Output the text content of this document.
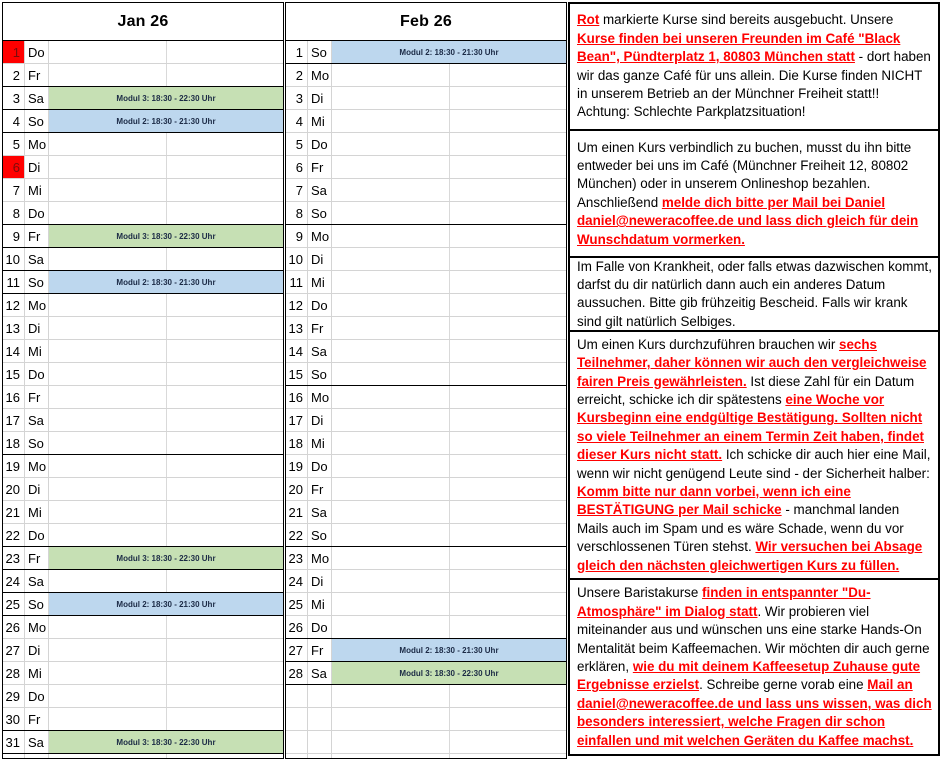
Jan 26
1 Do
2 Fr
3 Sa	Modul 3: 18:30 - 22:30 Uhr
4 So	Modul 2: 18:30 - 21:30 Uhr
5 Mo
6 Di
7 Mi
8 Do
9 Fr	Modul 3: 18:30 - 22:30 Uhr
10 Sa
11 So	Modul 2: 18:30 - 21:30 Uhr
12 Mo
13 Di
14 Mi
15 Do
16 Fr
17 Sa
18 So
19 Mo
20 Di
21 Mi
22 Do
23 Fr	Modul 3: 18:30 - 22:30 Uhr
24 Sa
25 So	Modul 2: 18:30 - 21:30 Uhr
26 Mo
27 Di
28 Mi
29 Do
30 Fr
31 Sa	Modul 3: 18:30 - 22:30 Uhr
Feb 26
1 So	Modul 2: 18:30 - 21:30 Uhr
2 Mo
3 Di
4 Mi
5 Do
6 Fr
7 Sa
8 So
9 Mo
10 Di
11 Mi
12 Do
13 Fr
14 Sa
15 So
16 Mo
17 Di
18 Mi
19 Do
20 Fr
21 Sa
22 So
23 Mo
24 Di
25 Mi
26 Do
27 Fr	Modul 2: 18:30 - 21:30 Uhr
28 Sa	Modul 3: 18:30 - 22:30 Uhr

Rot markierte Kurse sind bereits ausgebucht. Unsere Kurse finden bei unseren Freunden im Café "Black Bean", Pündterplatz 1, 80803 München statt - dort haben wir das ganze Café für uns allein. Die Kurse finden NICHT in unserem Betrieb an der Münchner Freiheit statt!! Achtung: Schlechte Parkplatzsituation!

Um einen Kurs verbindlich zu buchen, musst du ihn bitte entweder bei uns im Café (Münchner Freiheit 12, 80802 München) oder in unserem Onlineshop bezahlen. Anschließend melde dich bitte per Mail bei Daniel daniel@neweracoffee.de und lass dich gleich für dein Wunschdatum vormerken.

Im Falle von Krankheit, oder falls etwas dazwischen kommt, darfst du dir natürlich dann auch ein anderes Datum aussuchen. Bitte gib frühzeitig Bescheid. Falls wir krank sind gilt natürlich Selbiges.

Um einen Kurs durchzuführen brauchen wir sechs Teilnehmer, daher können wir auch den vergleichweise fairen Preis gewährleisten. Ist diese Zahl für ein Datum erreicht, schicke ich dir spätestens eine Woche vor Kursbeginn eine endgültige Bestätigung. Sollten nicht so viele Teilnehmer an einem Termin Zeit haben, findet dieser Kurs nicht statt. Ich schicke dir auch hier eine Mail, wenn wir nicht genügend Leute sind - der Sicherheit halber: Komm bitte nur dann vorbei, wenn ich eine BESTÄTIGUNG per Mail schicke - manchmal landen Mails auch im Spam und es wäre Schade, wenn du vor verschlossenen Türen stehst. Wir versuchen bei Absage gleich den nächsten gleichwertigen Kurs zu füllen.

Unsere Baristakurse finden in entspannter "Du-Atmosphäre" im Dialog statt. Wir probieren viel miteinander aus und wünschen uns eine starke Hands-On Mentalität beim Kaffeemachen. Wir möchten dir auch gerne erklären, wie du mit deinem Kaffeesetup Zuhause gute Ergebnisse erzielst. Schreibe gerne vorab eine Mail an daniel@neweracoffee.de und lass uns wissen, was dich besonders interessiert, welche Fragen dir schon einfallen und mit welchen Geräten du Kaffee machst.
